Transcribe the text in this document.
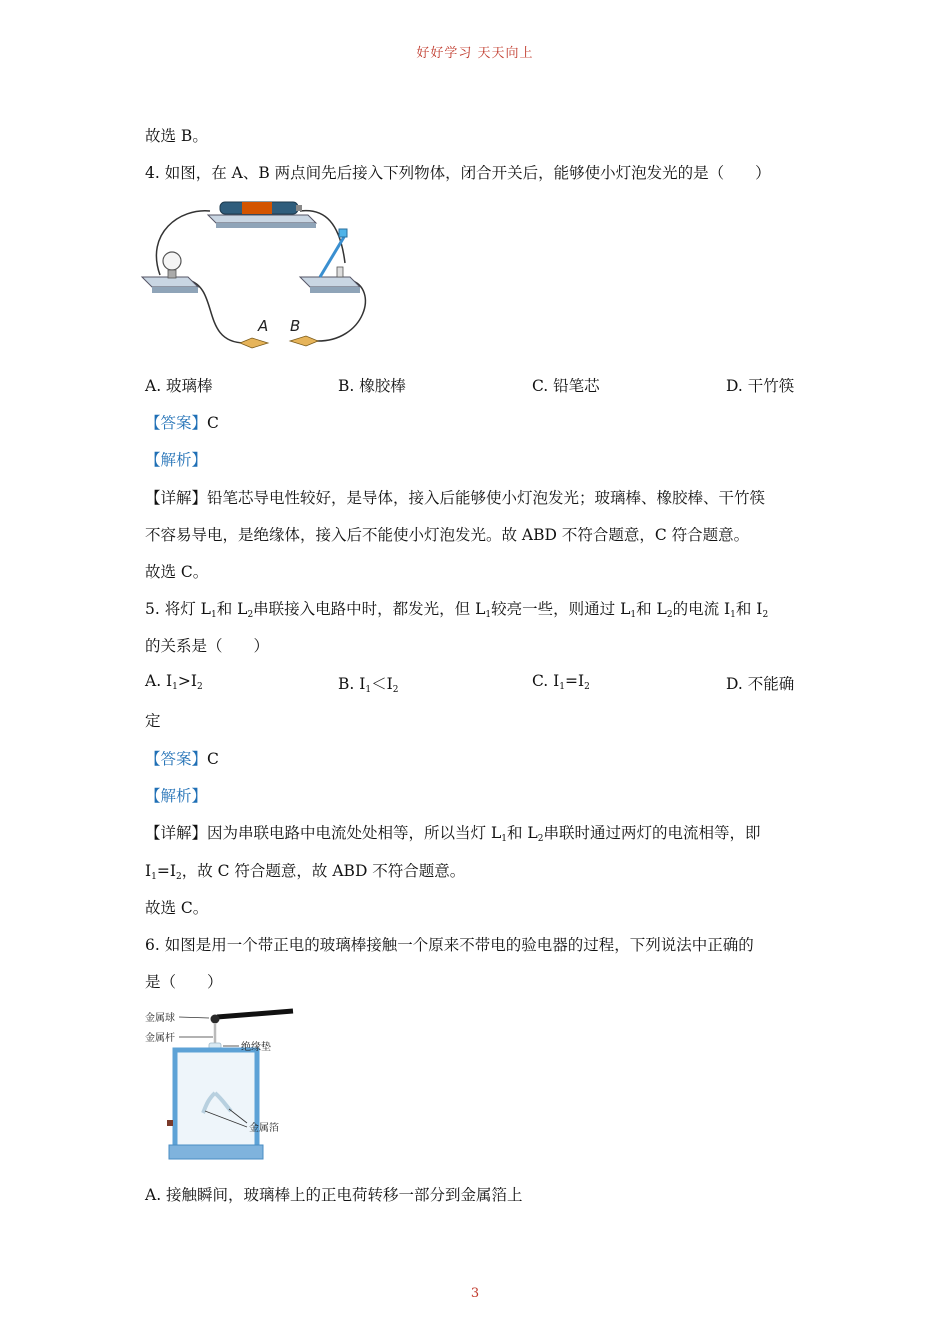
好好学习 天天向上
故选 B。
4. 如图，在 A、B 两点间先后接入下列物体，闭合开关后，能够使小灯泡发光的是（　　）
A B
A. 玻璃棒	B. 橡胶棒	C. 铅笔芯	D. 干竹筷
【答案】C
【解析】
【详解】铅笔芯导电性较好，是导体，接入后能够使小灯泡发光；玻璃棒、橡胶棒、干竹筷
不容易导电，是绝缘体，接入后不能使小灯泡发光。故 ABD 不符合题意，C 符合题意。
故选 C。
5. 将灯 $L_1$和 $L_2$串联接入电路中时，都发光，但 $L_1$较亮一些，则通过 $L_1$和 $L_2$的电流 $I_1$和 $I_2$
的关系是（　　）
A. $I_1>I_2$	B. $I_1<I_2$	C. $I_1=I_2$	D. 不能确
定
【答案】C
【解析】
【详解】因为串联电路中电流处处相等，所以当灯 $L_1$和 $L_2$串联时通过两灯的电流相等，即
$I_1=I_2$，故 C 符合题意，故 ABD 不符合题意。
故选 C。
6. 如图是用一个带正电的玻璃棒接触一个原来不带电的验电器的过程，下列说法中正确的
是（　　）
金属球
金属杆
绝缘垫
金属箔
A. 接触瞬间，玻璃棒上的正电荷转移一部分到金属箔上
3
